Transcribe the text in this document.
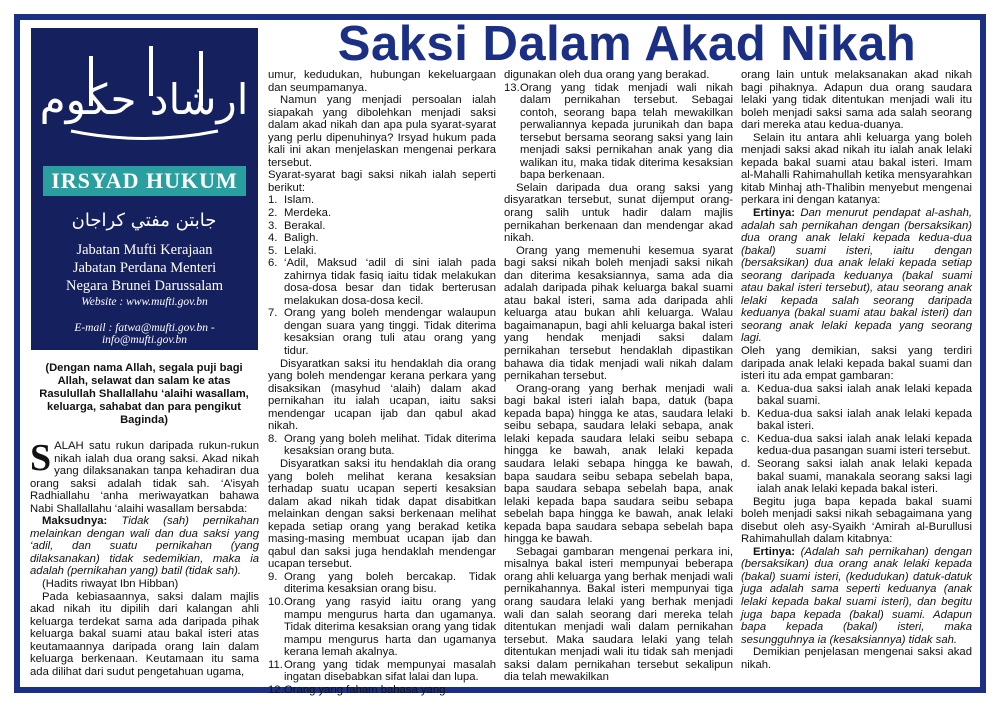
Saksi Dalam Akad Nikah
ارشاد حكوم
IRSYAD HUKUM
جابتن مفتي كراجان
Jabatan Mufti Kerajaan
Jabatan Perdana Menteri
Negara Brunei Darussalam
Website : www.mufti.gov.bn
E-mail : fatwa@mufti.gov.bn - info@mufti.gov.bn
(Dengan nama Allah, segala puji bagi Allah, selawat dan salam ke atas Rasulullah Shallallahu ‘alaihi wasallam, keluarga, sahabat dan para pengikut Baginda)

SALAH satu rukun daripada rukun-rukun nikah ialah dua orang saksi. Akad nikah yang dilaksanakan tanpa kehadiran dua orang saksi adalah tidak sah. ‘A’isyah Radhiallahu ‘anha meriwayatkan bahawa Nabi Shallallahu ‘alaihi wasallam bersabda:

Maksudnya: Tidak (sah) pernikahan melainkan dengan wali dan dua saksi yang ‘adil, dan suatu pernikahan (yang dilaksanakan) tidak sedemikian, maka ia adalah (pernikahan yang) batil (tidak sah).

(Hadits riwayat Ibn Hibban)

Pada kebiasaannya, saksi dalam majlis akad nikah itu dipilih dari kalangan ahli keluarga terdekat sama ada daripada pihak keluarga bakal suami atau bakal isteri atas keutamaannya daripada orang lain dalam keluarga berkenaan. Keutamaan itu sama ada dilihat dari sudut pengetahuan ugama,

umur, kedudukan, hubungan kekeluargaan dan seumpamanya.

Namun yang menjadi persoalan ialah siapakah yang dibolehkan menjadi saksi dalam akad nikah dan apa pula syarat-syarat yang perlu dipenuhinya? Irsyad hukum pada kali ini akan menjelaskan mengenai perkara tersebut.

Syarat-syarat bagi saksi nikah ialah seperti berikut:

1. Islam.
2. Merdeka.
3. Berakal.
4. Baligh.
5. Lelaki.
6. ‘Adil, Maksud ‘adil di sini ialah pada zahirnya tidak fasiq iaitu tidak melakukan dosa-dosa besar dan tidak berterusan melakukan dosa-dosa kecil.
7. Orang yang boleh mendengar walaupun dengan suara yang tinggi. Tidak diterima kesaksian orang tuli atau orang yang tidur.

Disyaratkan saksi itu hendaklah dia orang yang boleh mendengar kerana perkara yang disaksikan (masyhud ‘alaih) dalam akad pernikahan itu ialah ucapan, iaitu saksi mendengar ucapan ijab dan qabul akad nikah.

8. Orang yang boleh melihat. Tidak diterima kesaksian orang buta.

Disyaratkan saksi itu hendaklah dia orang yang boleh melihat kerana kesaksian terhadap suatu ucapan seperti kesaksian dalam akad nikah tidak dapat disabitkan melainkan dengan saksi berkenaan melihat kepada setiap orang yang berakad ketika masing-masing membuat ucapan ijab dan qabul dan saksi juga hendaklah mendengar ucapan tersebut.

9. Orang yang boleh bercakap. Tidak diterima kesaksian orang bisu.
10. Orang yang rasyid iaitu orang yang mampu mengurus harta dan ugamanya. Tidak diterima kesaksian orang yang tidak mampu mengurus harta dan ugamanya kerana lemah akalnya.
11. Orang yang tidak mempunyai masalah ingatan disebabkan sifat lalai dan lupa.
12. Orang yang faham bahasa yang

digunakan oleh dua orang yang berakad.

13. Orang yang tidak menjadi wali nikah dalam pernikahan tersebut. Sebagai contoh, seorang bapa telah mewakilkan perwaliannya kepada jurunikah dan bapa tersebut bersama seorang saksi yang lain menjadi saksi pernikahan anak yang dia walikan itu, maka tidak diterima kesaksian bapa berkenaan.

Selain daripada dua orang saksi yang disyaratkan tersebut, sunat dijemput orang-orang salih untuk hadir dalam majlis pernikahan berkenaan dan mendengar akad nikah.

Orang yang memenuhi kesemua syarat bagi saksi nikah boleh menjadi saksi nikah dan diterima kesaksiannya, sama ada dia adalah daripada pihak keluarga bakal suami atau bakal isteri, sama ada daripada ahli keluarga atau bukan ahli keluarga. Walau bagaimanapun, bagi ahli keluarga bakal isteri yang hendak menjadi saksi dalam pernikahan tersebut hendaklah dipastikan bahawa dia tidak menjadi wali nikah dalam pernikahan tersebut.

Orang-orang yang berhak menjadi wali bagi bakal isteri ialah bapa, datuk (bapa kepada bapa) hingga ke atas, saudara lelaki seibu sebapa, saudara lelaki sebapa, anak lelaki kepada saudara lelaki seibu sebapa hingga ke bawah, anak lelaki kepada saudara lelaki sebapa hingga ke bawah, bapa saudara seibu sebapa sebelah bapa, bapa saudara sebapa sebelah bapa, anak lelaki kepada bapa saudara seibu sebapa sebelah bapa hingga ke bawah, anak lelaki kepada bapa saudara sebapa sebelah bapa hingga ke bawah.

Sebagai gambaran mengenai perkara ini, misalnya bakal isteri mempunyai beberapa orang ahli keluarga yang berhak menjadi wali pernikahannya. Bakal isteri mempunyai tiga orang saudara lelaki yang berhak menjadi wali dan salah seorang dari mereka telah ditentukan menjadi wali dalam pernikahan tersebut. Maka saudara lelaki yang telah ditentukan menjadi wali itu tidak sah menjadi saksi dalam pernikahan tersebut sekalipun dia telah mewakilkan

orang lain untuk melaksanakan akad nikah bagi pihaknya. Adapun dua orang saudara lelaki yang tidak ditentukan menjadi wali itu boleh menjadi saksi sama ada salah seorang dari mereka atau kedua-duanya.

Selain itu antara ahli keluarga yang boleh menjadi saksi akad nikah itu ialah anak lelaki kepada bakal suami atau bakal isteri. Imam al-Mahalli Rahimahullah ketika mensyarahkan kitab Minhaj ath-Thalibin menyebut mengenai perkara ini dengan katanya:

Ertinya: Dan menurut pendapat al-ashah, adalah sah pernikahan dengan (bersaksikan) dua orang anak lelaki kepada kedua-dua (bakal) suami isteri, iaitu dengan (bersaksikan) dua anak lelaki kepada setiap seorang daripada keduanya (bakal suami atau bakal isteri tersebut), atau seorang anak lelaki kepada salah seorang daripada keduanya (bakal suami atau bakal isteri) dan seorang anak lelaki kepada yang seorang lagi.

Oleh yang demikian, saksi yang terdiri daripada anak lelaki kepada bakal suami dan isteri itu ada empat gambaran:

a. Kedua-dua saksi ialah anak lelaki kepada bakal suami.
b. Kedua-dua saksi ialah anak lelaki kepada bakal isteri.
c. Kedua-dua saksi ialah anak lelaki kepada kedua-dua pasangan suami isteri tersebut.
d. Seorang saksi ialah anak lelaki kepada bakal suami, manakala seorang saksi lagi ialah anak lelaki kepada bakal isteri.

Begitu juga bapa kepada bakal suami boleh menjadi saksi nikah sebagaimana yang disebut oleh asy-Syaikh ‘Amirah al-Burullusi Rahimahullah dalam kitabnya:

Ertinya: (Adalah sah pernikahan) dengan (bersaksikan) dua orang anak lelaki kepada (bakal) suami isteri, (kedudukan) datuk-datuk juga adalah sama seperti keduanya (anak lelaki kepada bakal suami isteri), dan begitu juga bapa kepada (bakal) suami. Adapun bapa kepada (bakal) isteri, maka sesungguhnya ia (kesaksiannya) tidak sah.

Demikian penjelasan mengenai saksi akad nikah.
